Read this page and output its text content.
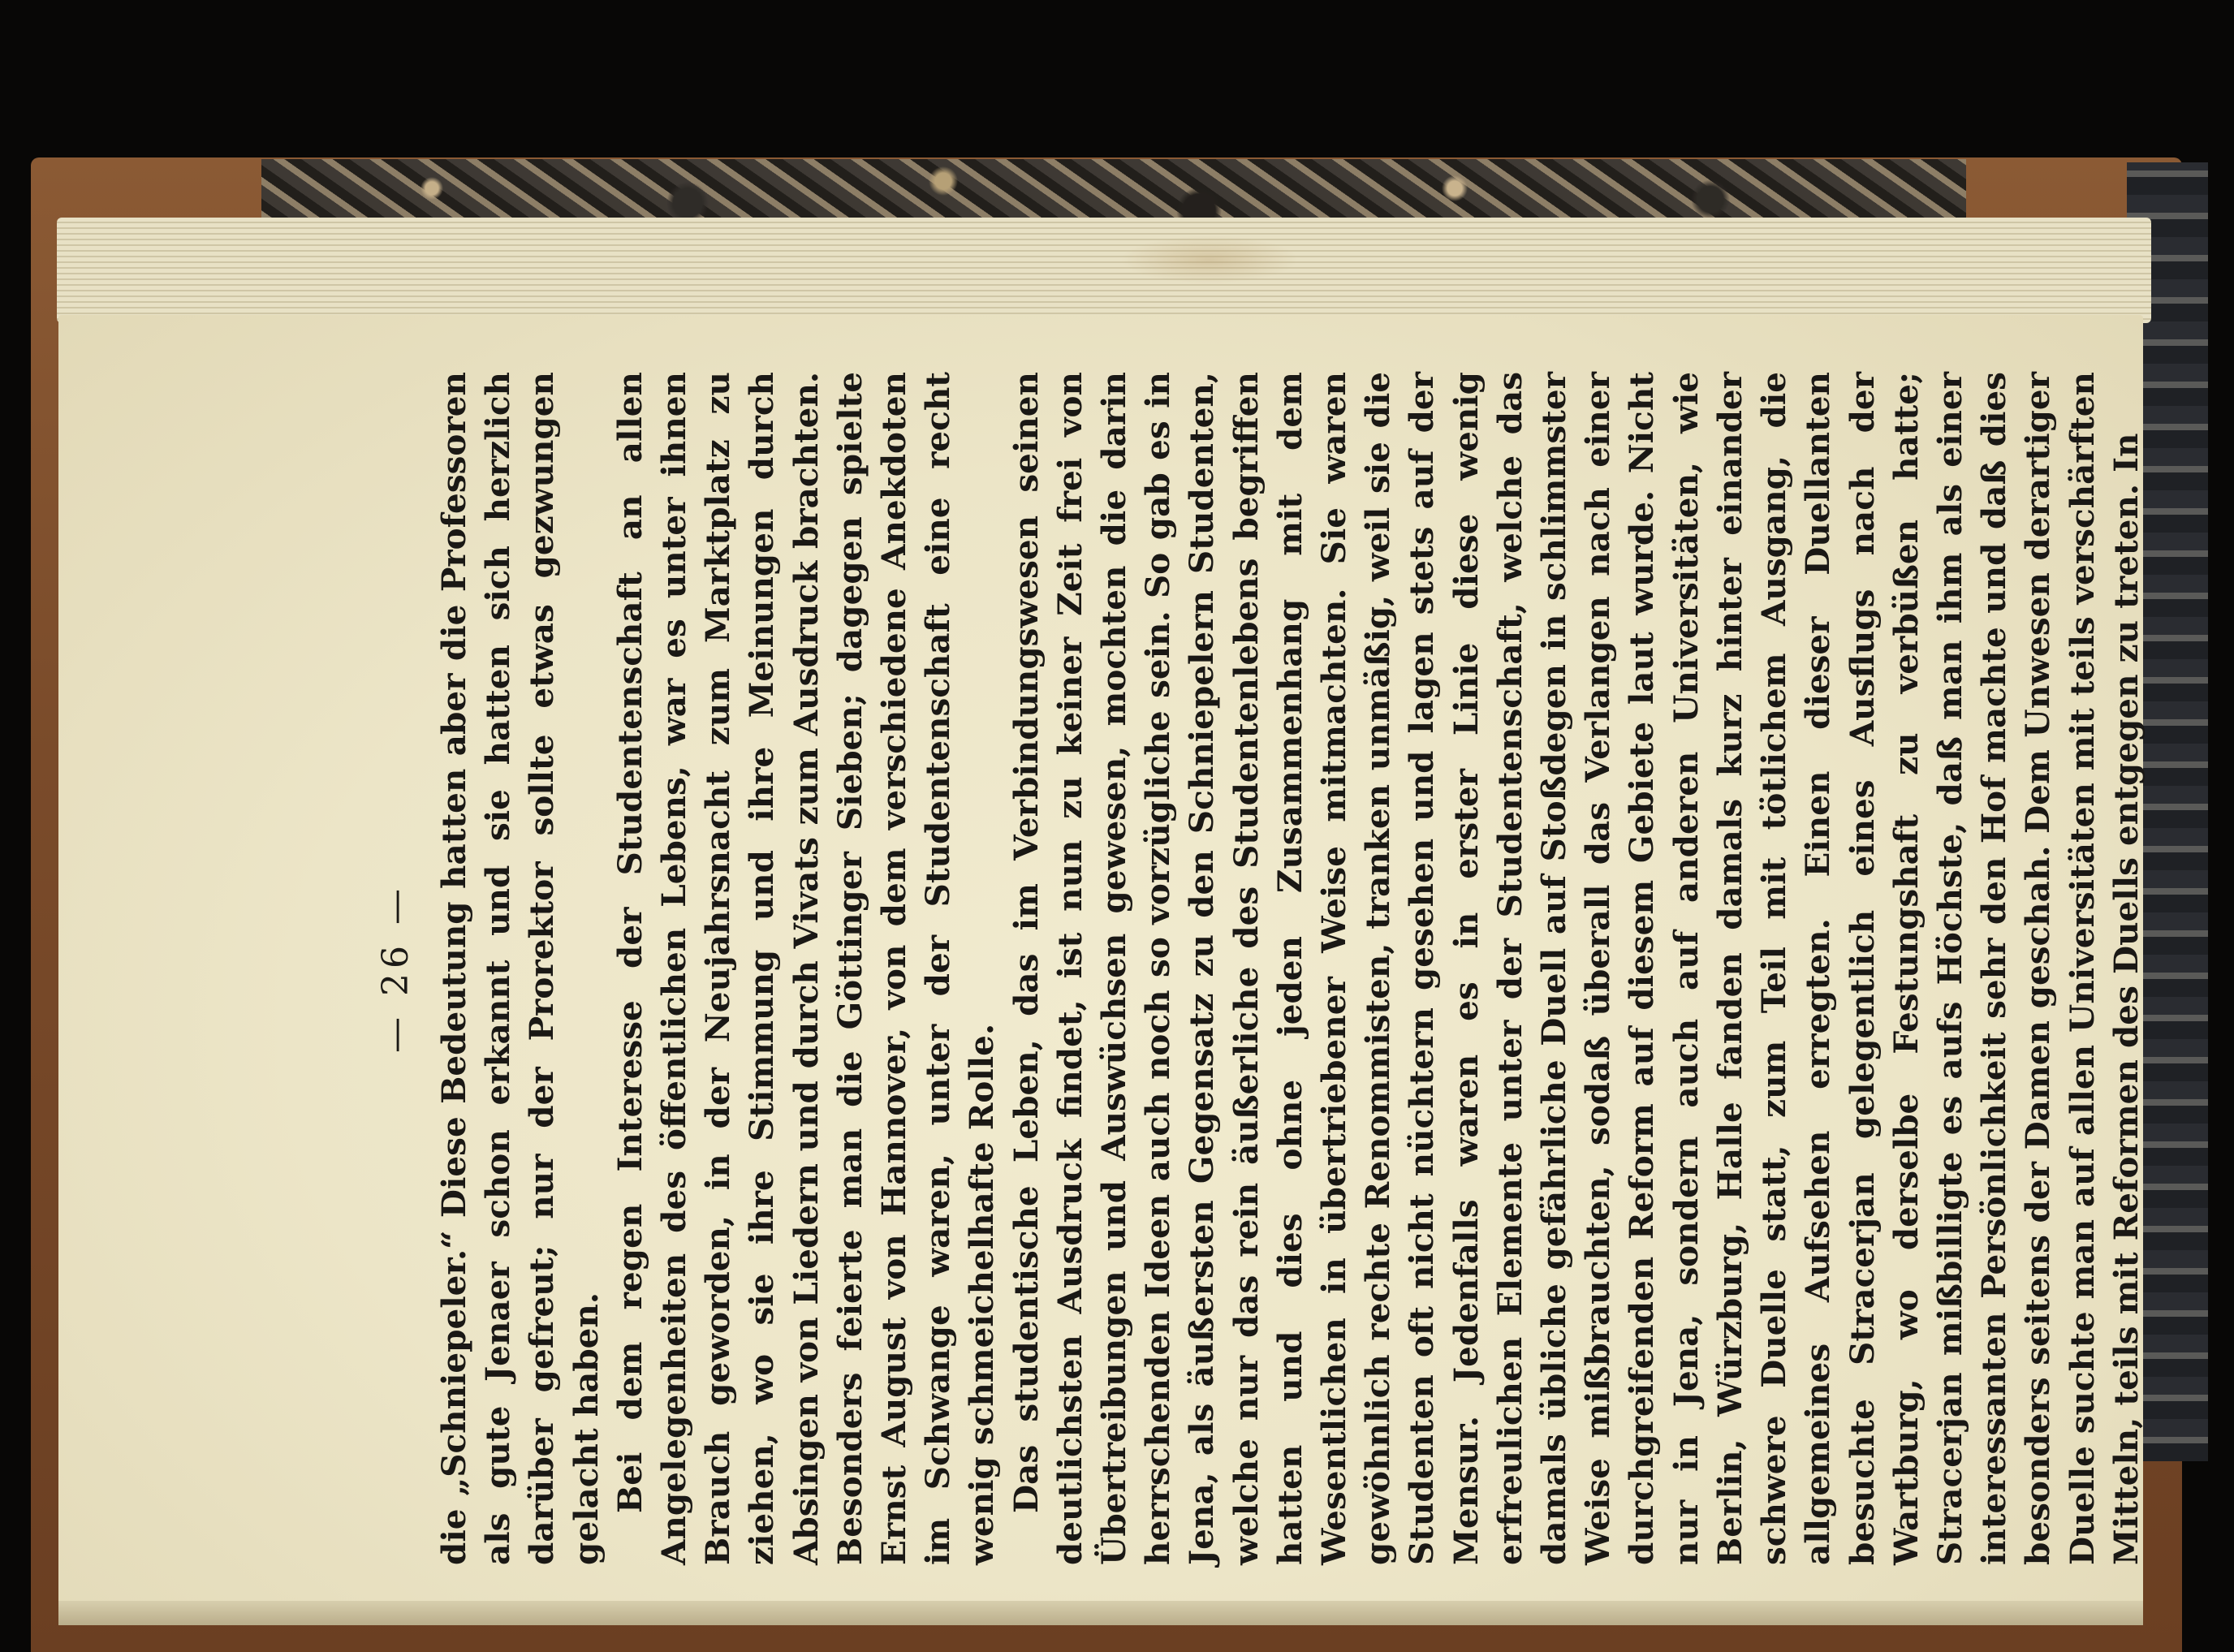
— 26 — die „Schniepeler.“ Diese Bedeutung hatten aber die Professoren als gute Jenaer schon erkannt und sie hatten sich herzlich darüber gefreut; nur der Prorektor sollte etwas gezwungen gelacht haben. Bei dem regen Interesse der Studentenschaft an allen Angelegenheiten des öffentlichen Lebens, war es unter ihnen Brauch geworden, in der Neujahrsnacht zum Marktplatz zu ziehen, wo sie ihre Stimmung und ihre Meinungen durch Absingen von Liedern und durch Vivats zum Ausdruck brachten. Besonders feierte man die Göttinger Sieben; dagegen spielte Ernst August von Hannover, von dem verschiedene Anekdoten im Schwange waren, unter der Studentenschaft eine recht wenig schmeichelhafte Rolle. Das studentische Leben, das im Verbindungswesen seinen deutlichsten Ausdruck findet, ist nun zu keiner Zeit frei von Übertreibungen und Auswüchsen gewesen, mochten die darin herrschenden Ideen auch noch so vorzügliche sein. So gab es in Jena, als äußersten Gegensatz zu den Schniepelern Studenten, welche nur das rein äußerliche des Studentenlebens begriffen hatten und dies ohne jeden Zusammenhang mit dem Wesentlichen in übertriebener Weise mitmachten. Sie waren gewöhnlich rechte Renommisten, tranken unmäßig, weil sie die Studenten oft nicht nüchtern gesehen und lagen stets auf der Mensur. Jedenfalls waren es in erster Linie diese wenig erfreulichen Elemente unter der Studentenschaft, welche das damals übliche gefährliche Duell auf Stoßdegen in schlimmster Weise mißbrauchten, sodaß überall das Verlangen nach einer durchgreifenden Reform auf diesem Gebiete laut wurde. Nicht nur in Jena, sondern auch auf anderen Universitäten, wie Berlin, Würzburg, Halle fanden damals kurz hinter einander schwere Duelle statt, zum Teil mit tötlichem Ausgang, die allgemeines Aufsehen erregten. Einen dieser Duellanten besuchte Stracerjan gelegentlich eines Ausflugs nach der Wartburg, wo derselbe Festungshaft zu verbüßen hatte; Stracerjan mißbilligte es aufs Höchste, daß man ihm als einer interessanten Persönlichkeit sehr den Hof machte und daß dies besonders seitens der Damen geschah. Dem Unwesen derartiger Duelle suchte man auf allen Universitäten mit teils verschärften Mitteln, teils mit Reformen des Duells entgegen zu treten. In
